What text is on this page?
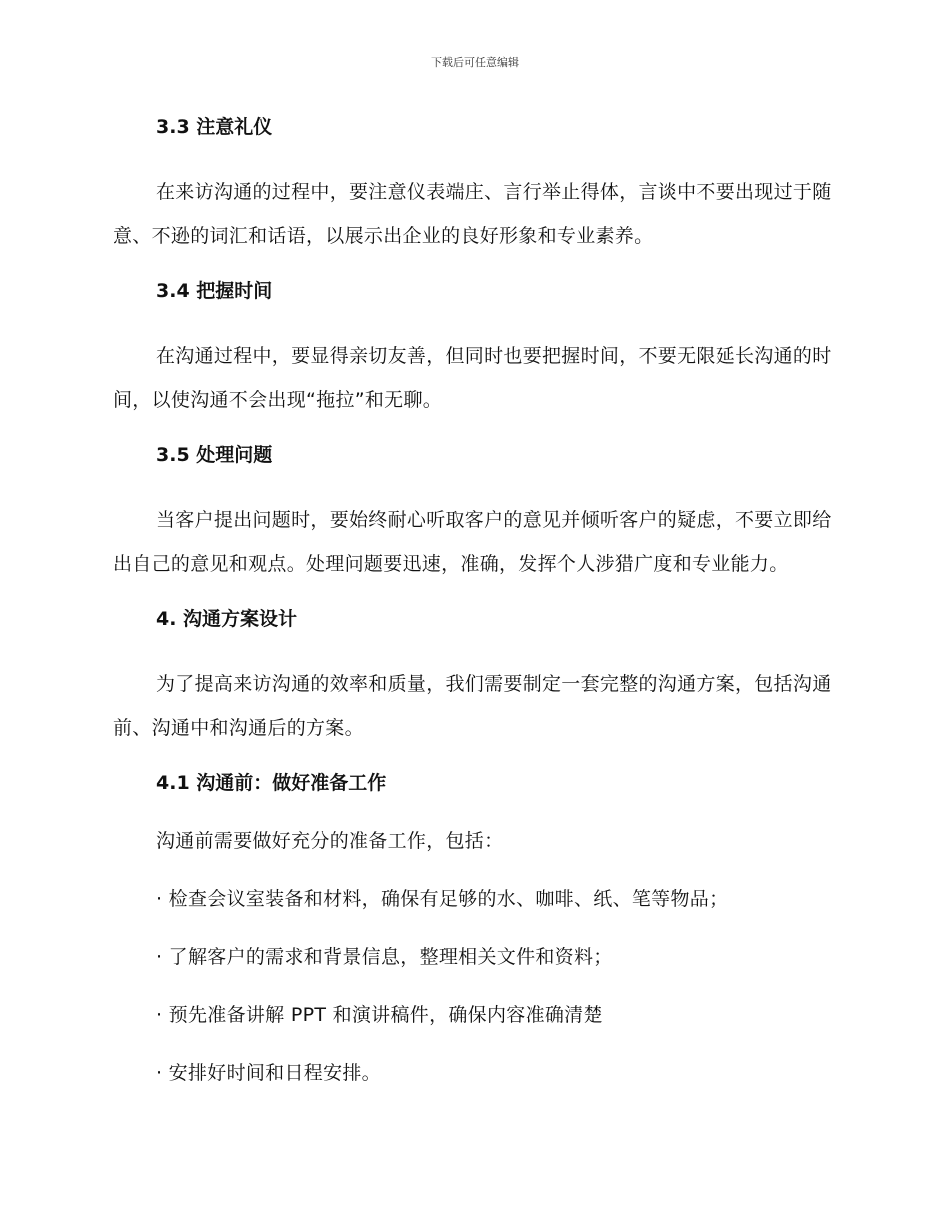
下载后可任意编辑
3.3 注意礼仪

在来访沟通的过程中，要注意仪表端庄、言行举止得体，言谈中不要出现过于随意、不逊的词汇和话语，以展示出企业的良好形象和专业素养。

3.4 把握时间

在沟通过程中，要显得亲切友善，但同时也要把握时间，不要无限延长沟通的时间，以使沟通不会出现“拖拉”和无聊。

3.5 处理问题

当客户提出问题时，要始终耐心听取客户的意见并倾听客户的疑虑，不要立即给出自己的意见和观点。处理问题要迅速，准确，发挥个人涉猎广度和专业能力。

4. 沟通方案设计

为了提高来访沟通的效率和质量，我们需要制定一套完整的沟通方案，包括沟通前、沟通中和沟通后的方案。

4.1 沟通前：做好准备工作
沟通前需要做好充分的准备工作，包括：
· 检查会议室装备和材料，确保有足够的水、咖啡、纸、笔等物品；
· 了解客户的需求和背景信息，整理相关文件和资料；
· 预先准备讲解 PPT 和演讲稿件，确保内容准确清楚
· 安排好时间和日程安排。
